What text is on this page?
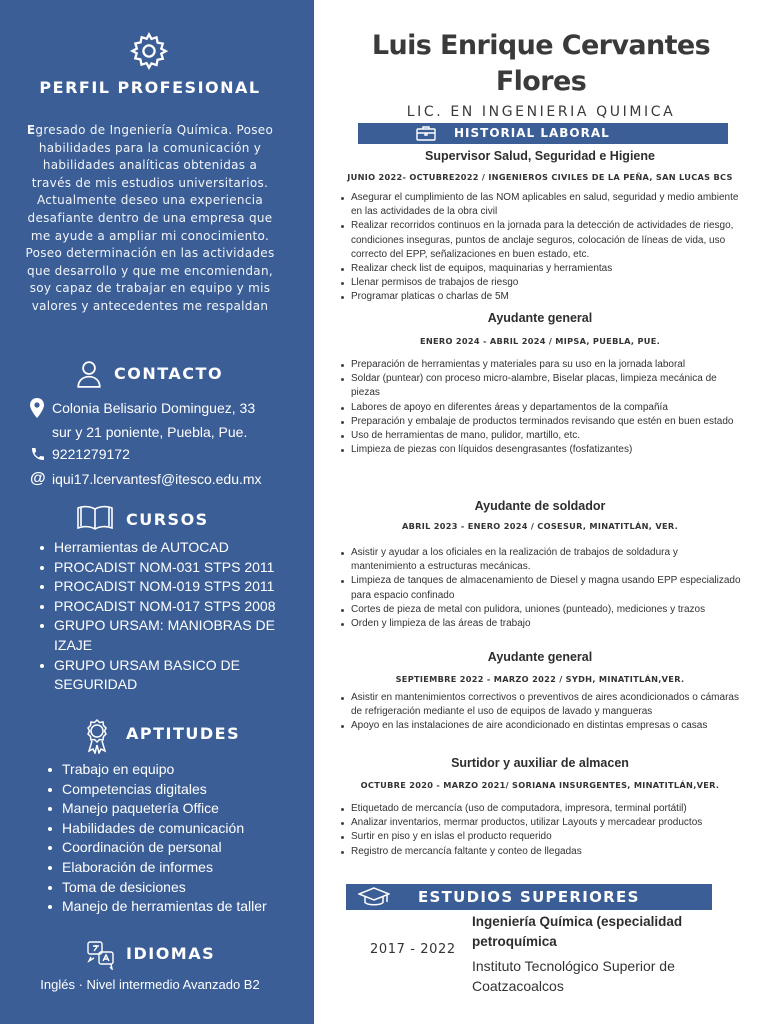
PERFIL PROFESIONAL

Egresado de Ingeniería Química. Poseo habilidades para la comunicación y habilidades analíticas obtenidas a través de mis estudios universitarios. Actualmente deseo una experiencia desafiante dentro de una empresa que me ayude a ampliar mi conocimiento. Poseo determinación en las actividades que desarrollo y que me encomiendan, soy capaz de trabajar en equipo y mis valores y antecedentes me respaldan

CONTACTO
Colonia Belisario Dominguez, 33
sur y 21 poniente, Puebla, Pue.
9221279172
@ iqui17.lcervantesf@itesco.edu.mx
CURSOS
Herramientas de AUTOCAD
PROCADIST NOM-031 STPS 2011
PROCADIST NOM-019 STPS 2011
PROCADIST NOM-017 STPS 2008
GRUPO URSAM: MANIOBRAS DE IZAJE
GRUPO URSAM BASICO DE SEGURIDAD
APTITUDES
Trabajo en equipo
Competencias digitales
Manejo paquetería Office
Habilidades de comunicación
Coordinación de personal
Elaboración de informes
Toma de desiciones
Manejo de herramientas de taller
IDIOMAS
Inglés · Nivel intermedio Avanzado B2
Luis Enrique Cervantes Flores
LIC. EN INGENIERIA QUIMICA
HISTORIAL LABORAL
Supervisor Salud, Seguridad e Higiene
JUNIO 2022- OCTUBRE2022 / INGENIEROS CIVILES DE LA PEÑA, SAN LUCAS BCS
Asegurar el cumplimiento de las NOM aplicables en salud, seguridad y medio ambiente en las actividades de la obra civil
Realizar recorridos continuos en la jornada para la detección de actividades de riesgo, condiciones inseguras, puntos de anclaje seguros, colocación de líneas de vida, uso correcto del EPP, señalizaciones en buen estado, etc.
Realizar check list de equipos, maquinarias y herramientas
Llenar permisos de trabajos de riesgo
Programar platicas o charlas de 5M
Ayudante general
ENERO 2024 - ABRIL 2024 / MIPSA, PUEBLA, PUE.
Preparación de herramientas y materiales para su uso en la jornada laboral
Soldar (puntear) con proceso micro-alambre, Biselar placas, limpieza mecánica de piezas
Labores de apoyo en diferentes áreas y departamentos de la compañía
Preparación y embalaje de productos terminados revisando que estén en buen estado
Uso de herramientas de mano, pulidor, martillo, etc.
Limpieza de piezas con líquidos desengrasantes (fosfatizantes)
Ayudante de soldador
ABRIL 2023 - ENERO 2024 / COSESUR, MINATITLÁN, VER.
Asistir y ayudar a los oficiales en la realización de trabajos de soldadura y mantenimiento a estructuras mecánicas.
Limpieza de tanques de almacenamiento de Diesel y magna usando EPP especializado para espacio confinado
Cortes de pieza de metal con pulidora, uniones (punteado), mediciones y trazos
Orden y limpieza de las áreas de trabajo
Ayudante general
SEPTIEMBRE 2022 - MARZO 2022 / SYDH, MINATITLÁN,VER.
Asistir en mantenimientos correctivos o preventivos de aires acondicionados o cámaras de refrigeración mediante el uso de equipos de lavado y mangueras
Apoyo en las instalaciones de aire acondicionado en distintas empresas o casas
Surtidor y auxiliar de almacen
OCTUBRE 2020 - MARZO 2021/ SORIANA INSURGENTES, MINATITLÁN,VER.
Etiquetado de mercancía (uso de computadora, impresora, terminal portátil)
Analizar inventarios, mermar productos, utilizar Layouts y mercadear productos
Surtir en piso y en islas el producto requerido
Registro de mercancía faltante y conteo de llegadas
ESTUDIOS SUPERIORES
2017 - 2022
Ingeniería Química (especialidad petroquímica
Instituto Tecnológico Superior de Coatzacoalcos
